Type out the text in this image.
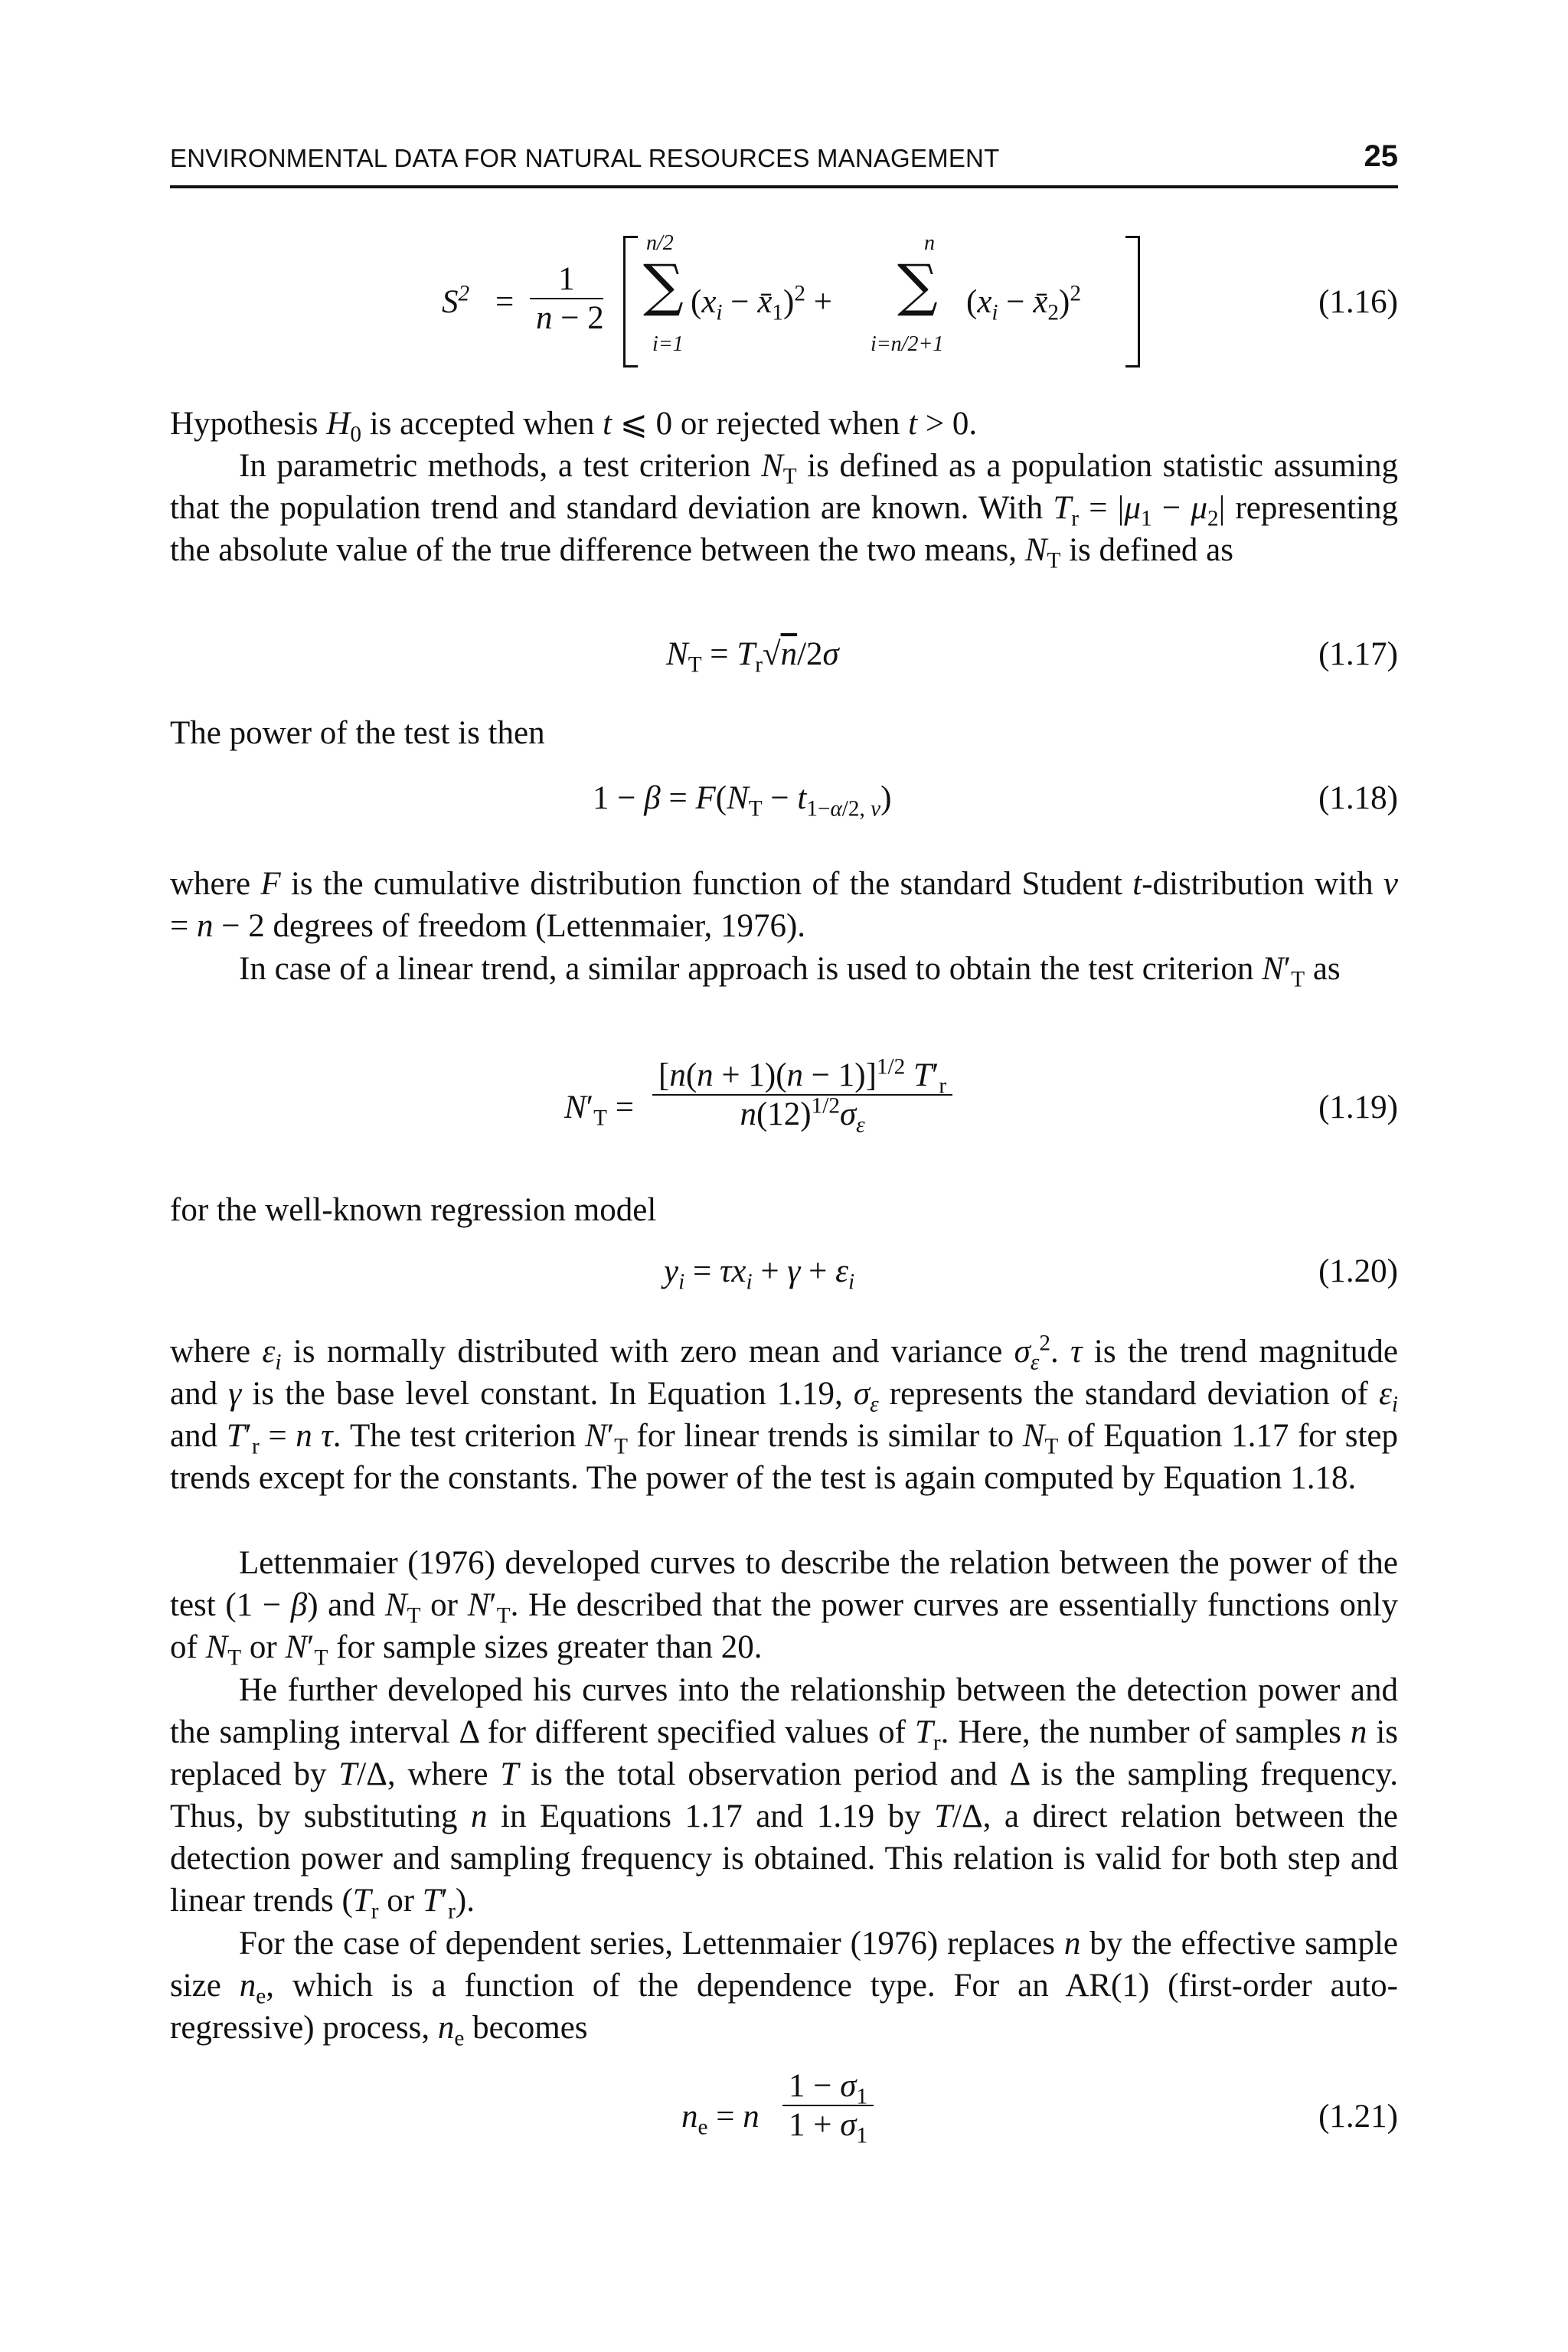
ENVIRONMENTAL DATA FOR NATURAL RESOURCES MANAGEMENT	25
$S^2 = \frac{1}{n - 2}$
n/2
∑
i=1
($x_i$ − $x̄_1)^2$ +
n
∑
i=n/2+1
($x_i$ − $x̄_2)^2$	(1.16)

Hypothesis $H_0$ is accepted when t ⩽ 0 or rejected when t > 0.

In parametric methods, a test criterion $N_T$ is defined as a population statistic assuming that the population trend and standard deviation are known. With $T_r = |\mu_1 - \mu_2|$ representing the absolute value of the true difference between the two means, $N_T$ is defined as

$N_T = T_r√n/2\sigma$	(1.17)

The power of the test is then

$1 - \beta = F(N_T - t_{1-\alpha/2, \nu})$	(1.18)

where F is the cumulative distribution function of the standard Student t-distribution with ν = n − 2 degrees of freedom (Lettenmaier, 1976).

In case of a linear trend, a similar approach is used to obtain the test criterion $N'_T$ as

$N'_T = \frac{[n(n + 1)(n - 1)]^{1/2} T'_r}{n(12)^{1/2}\sigma_\varepsilon}$	(1.19)

for the well-known regression model

$y_i = \tau x_i + \gamma + \varepsilon_i$	(1.20)

where $\varepsilon_i$ is normally distributed with zero mean and variance $\sigma_\varepsilon^2$. τ is the trend magnitude and γ is the base level constant. In Equation 1.19, $\sigma_\varepsilon$ represents the standard deviation of $\varepsilon_i$ and $T'_r = n$ τ. The test criterion $N'_T$ for linear trends is similar to $N_T$ of Equation 1.17 for step trends except for the constants. The power of the test is again computed by Equation 1.18.

Lettenmaier (1976) developed curves to describe the relation between the power of the test (1 − β) and $N_T$ or $N'_T$. He described that the power curves are essentially functions only of $N_T$ or $N'_T$ for sample sizes greater than 20.

He further developed his curves into the relationship between the detection power and the sampling interval Δ for different specified values of $T_r$. Here, the number of samples n is replaced by T/Δ, where T is the total observation period and Δ is the sampling frequency. Thus, by substituting n in Equations 1.17 and 1.19 by T/Δ, a direct relation between the detection power and sampling frequency is obtained. This relation is valid for both step and linear trends ($T_r$ or $T'_r$).

For the case of dependent series, Lettenmaier (1976) replaces n by the effective sample size $n_e$, which is a function of the dependence type. For an AR(1) (first-order auto-regressive) process, $n_e$ becomes

$n_e = n \frac{1 - \sigma_1}{1 + \sigma_1}$	(1.21)
